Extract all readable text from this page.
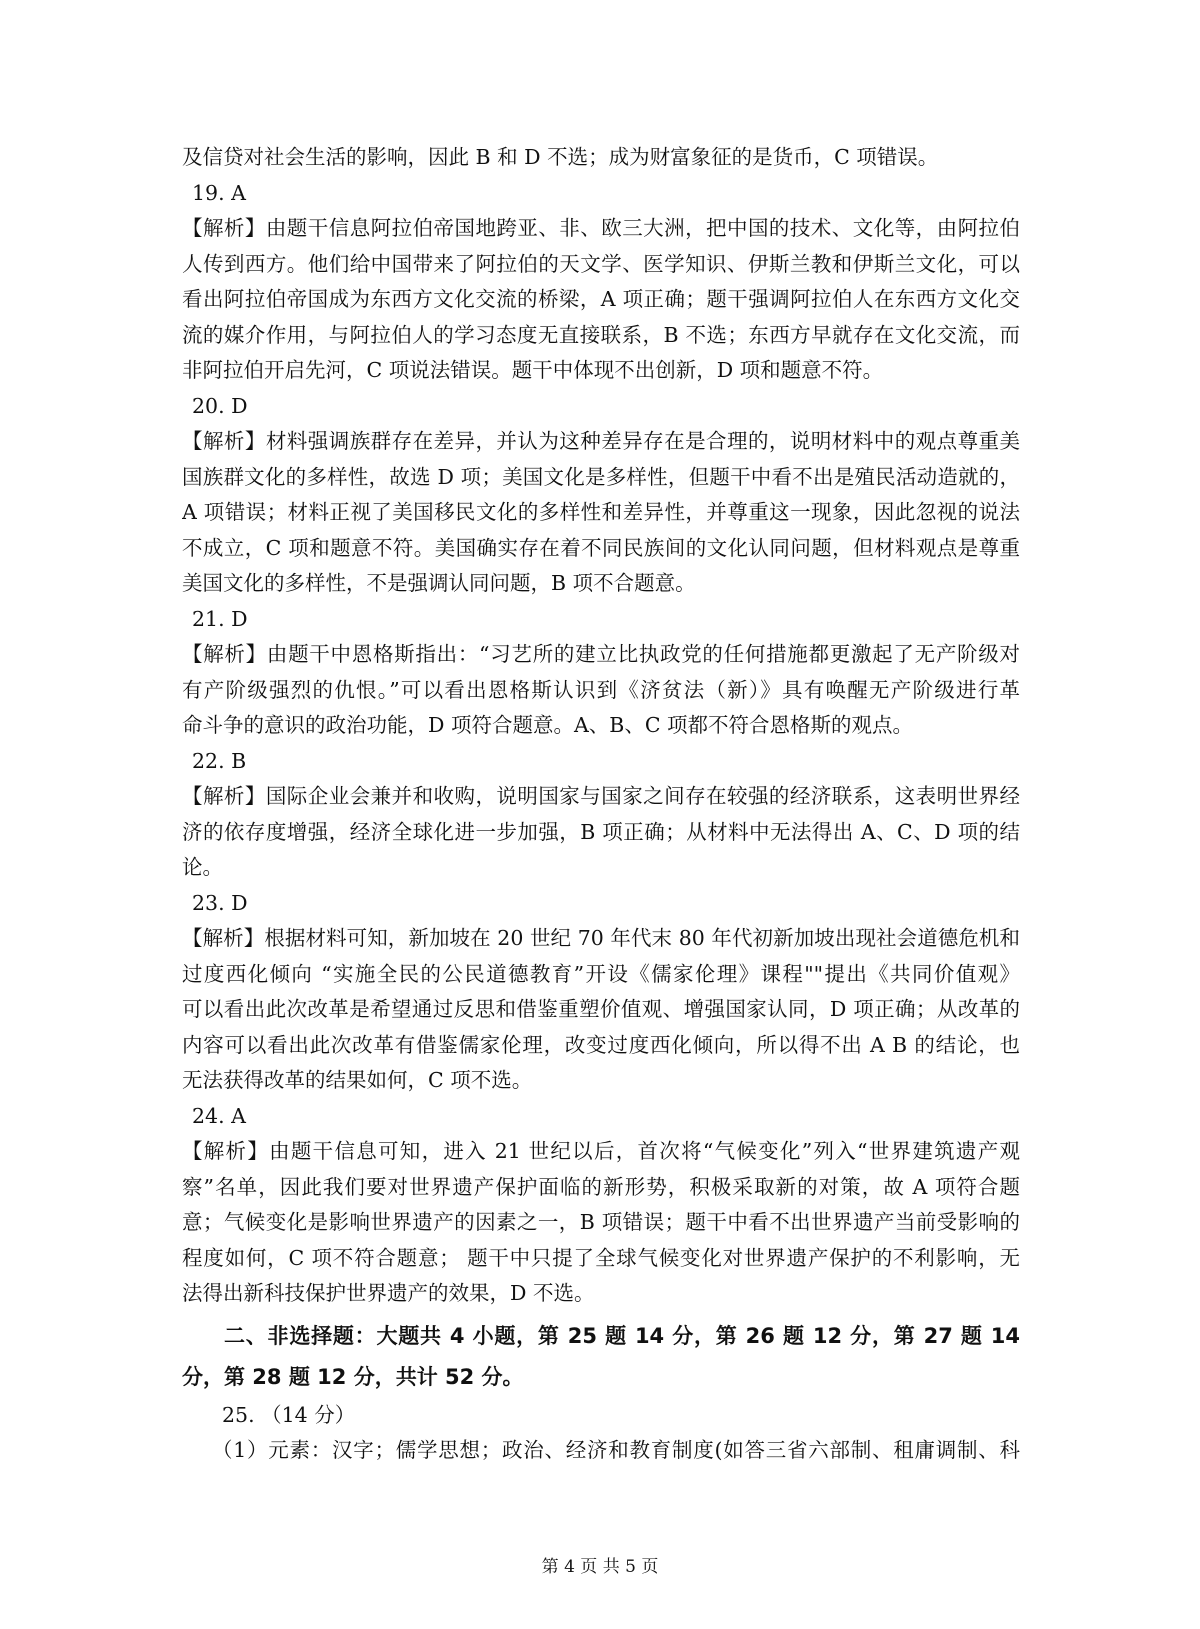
及信贷对社会生活的影响，因此 B 和 D 不选；成为财富象征的是货币，C 项错误。
19. A
【解析】由题干信息阿拉伯帝国地跨亚、非、欧三大洲，把中国的技术、文化等，由阿拉伯
人传到西方。他们给中国带来了阿拉伯的天文学、医学知识、伊斯兰教和伊斯兰文化，可以
看出阿拉伯帝国成为东西方文化交流的桥梁，A 项正确；题干强调阿拉伯人在东西方文化交
流的媒介作用，与阿拉伯人的学习态度无直接联系，B 不选；东西方早就存在文化交流，而
非阿拉伯开启先河，C 项说法错误。题干中体现不出创新，D 项和题意不符。
20. D
【解析】材料强调族群存在差异，并认为这种差异存在是合理的，说明材料中的观点尊重美
国族群文化的多样性，故选 D 项；美国文化是多样性，但题干中看不出是殖民活动造就的，
A 项错误；材料正视了美国移民文化的多样性和差异性，并尊重这一现象，因此忽视的说法
不成立，C 项和题意不符。美国确实存在着不同民族间的文化认同问题，但材料观点是尊重
美国文化的多样性，不是强调认同问题，B 项不合题意。
21. D
【解析】由题干中恩格斯指出：“习艺所的建立比执政党的任何措施都更激起了无产阶级对
有产阶级强烈的仇恨。”可以看出恩格斯认识到《济贫法（新）》具有唤醒无产阶级进行革
命斗争的意识的政治功能，D 项符合题意。A、B、C 项都不符合恩格斯的观点。
22. B
【解析】国际企业会兼并和收购，说明国家与国家之间存在较强的经济联系，这表明世界经
济的依存度增强，经济全球化进一步加强，B 项正确；从材料中无法得出 A、C、D 项的结
论。
23. D
【解析】根据材料可知，新加坡在 20 世纪 70 年代末 80 年代初新加坡出现社会道德危机和
过度西化倾向 “实施全民的公民道德教育”开设《儒家伦理》课程""提出《共同价值观》
可以看出此次改革是希望通过反思和借鉴重塑价值观、增强国家认同，D 项正确；从改革的
内容可以看出此次改革有借鉴儒家伦理，改变过度西化倾向，所以得不出 A B 的结论，也
无法获得改革的结果如何，C 项不选。
24. A
【解析】由题干信息可知，进入 21 世纪以后，首次将“气候变化”列入“世界建筑遗产观
察”名单，因此我们要对世界遗产保护面临的新形势，积极采取新的对策，故 A 项符合题
意；气候变化是影响世界遗产的因素之一，B 项错误；题干中看不出世界遗产当前受影响的
程度如何，C 项不符合题意； 题干中只提了全球气候变化对世界遗产保护的不利影响，无
法得出新科技保护世界遗产的效果，D 不选。
二、非选择题：大题共 4 小题，第 25 题 14 分，第 26 题 12 分，第 27 题 14
分，第 28 题 12 分，共计 52 分。
25. （14 分）
（1）元素：汉字；儒学思想；政治、经济和教育制度(如答三省六部制、租庸调制、科
第 4 页 共 5 页
